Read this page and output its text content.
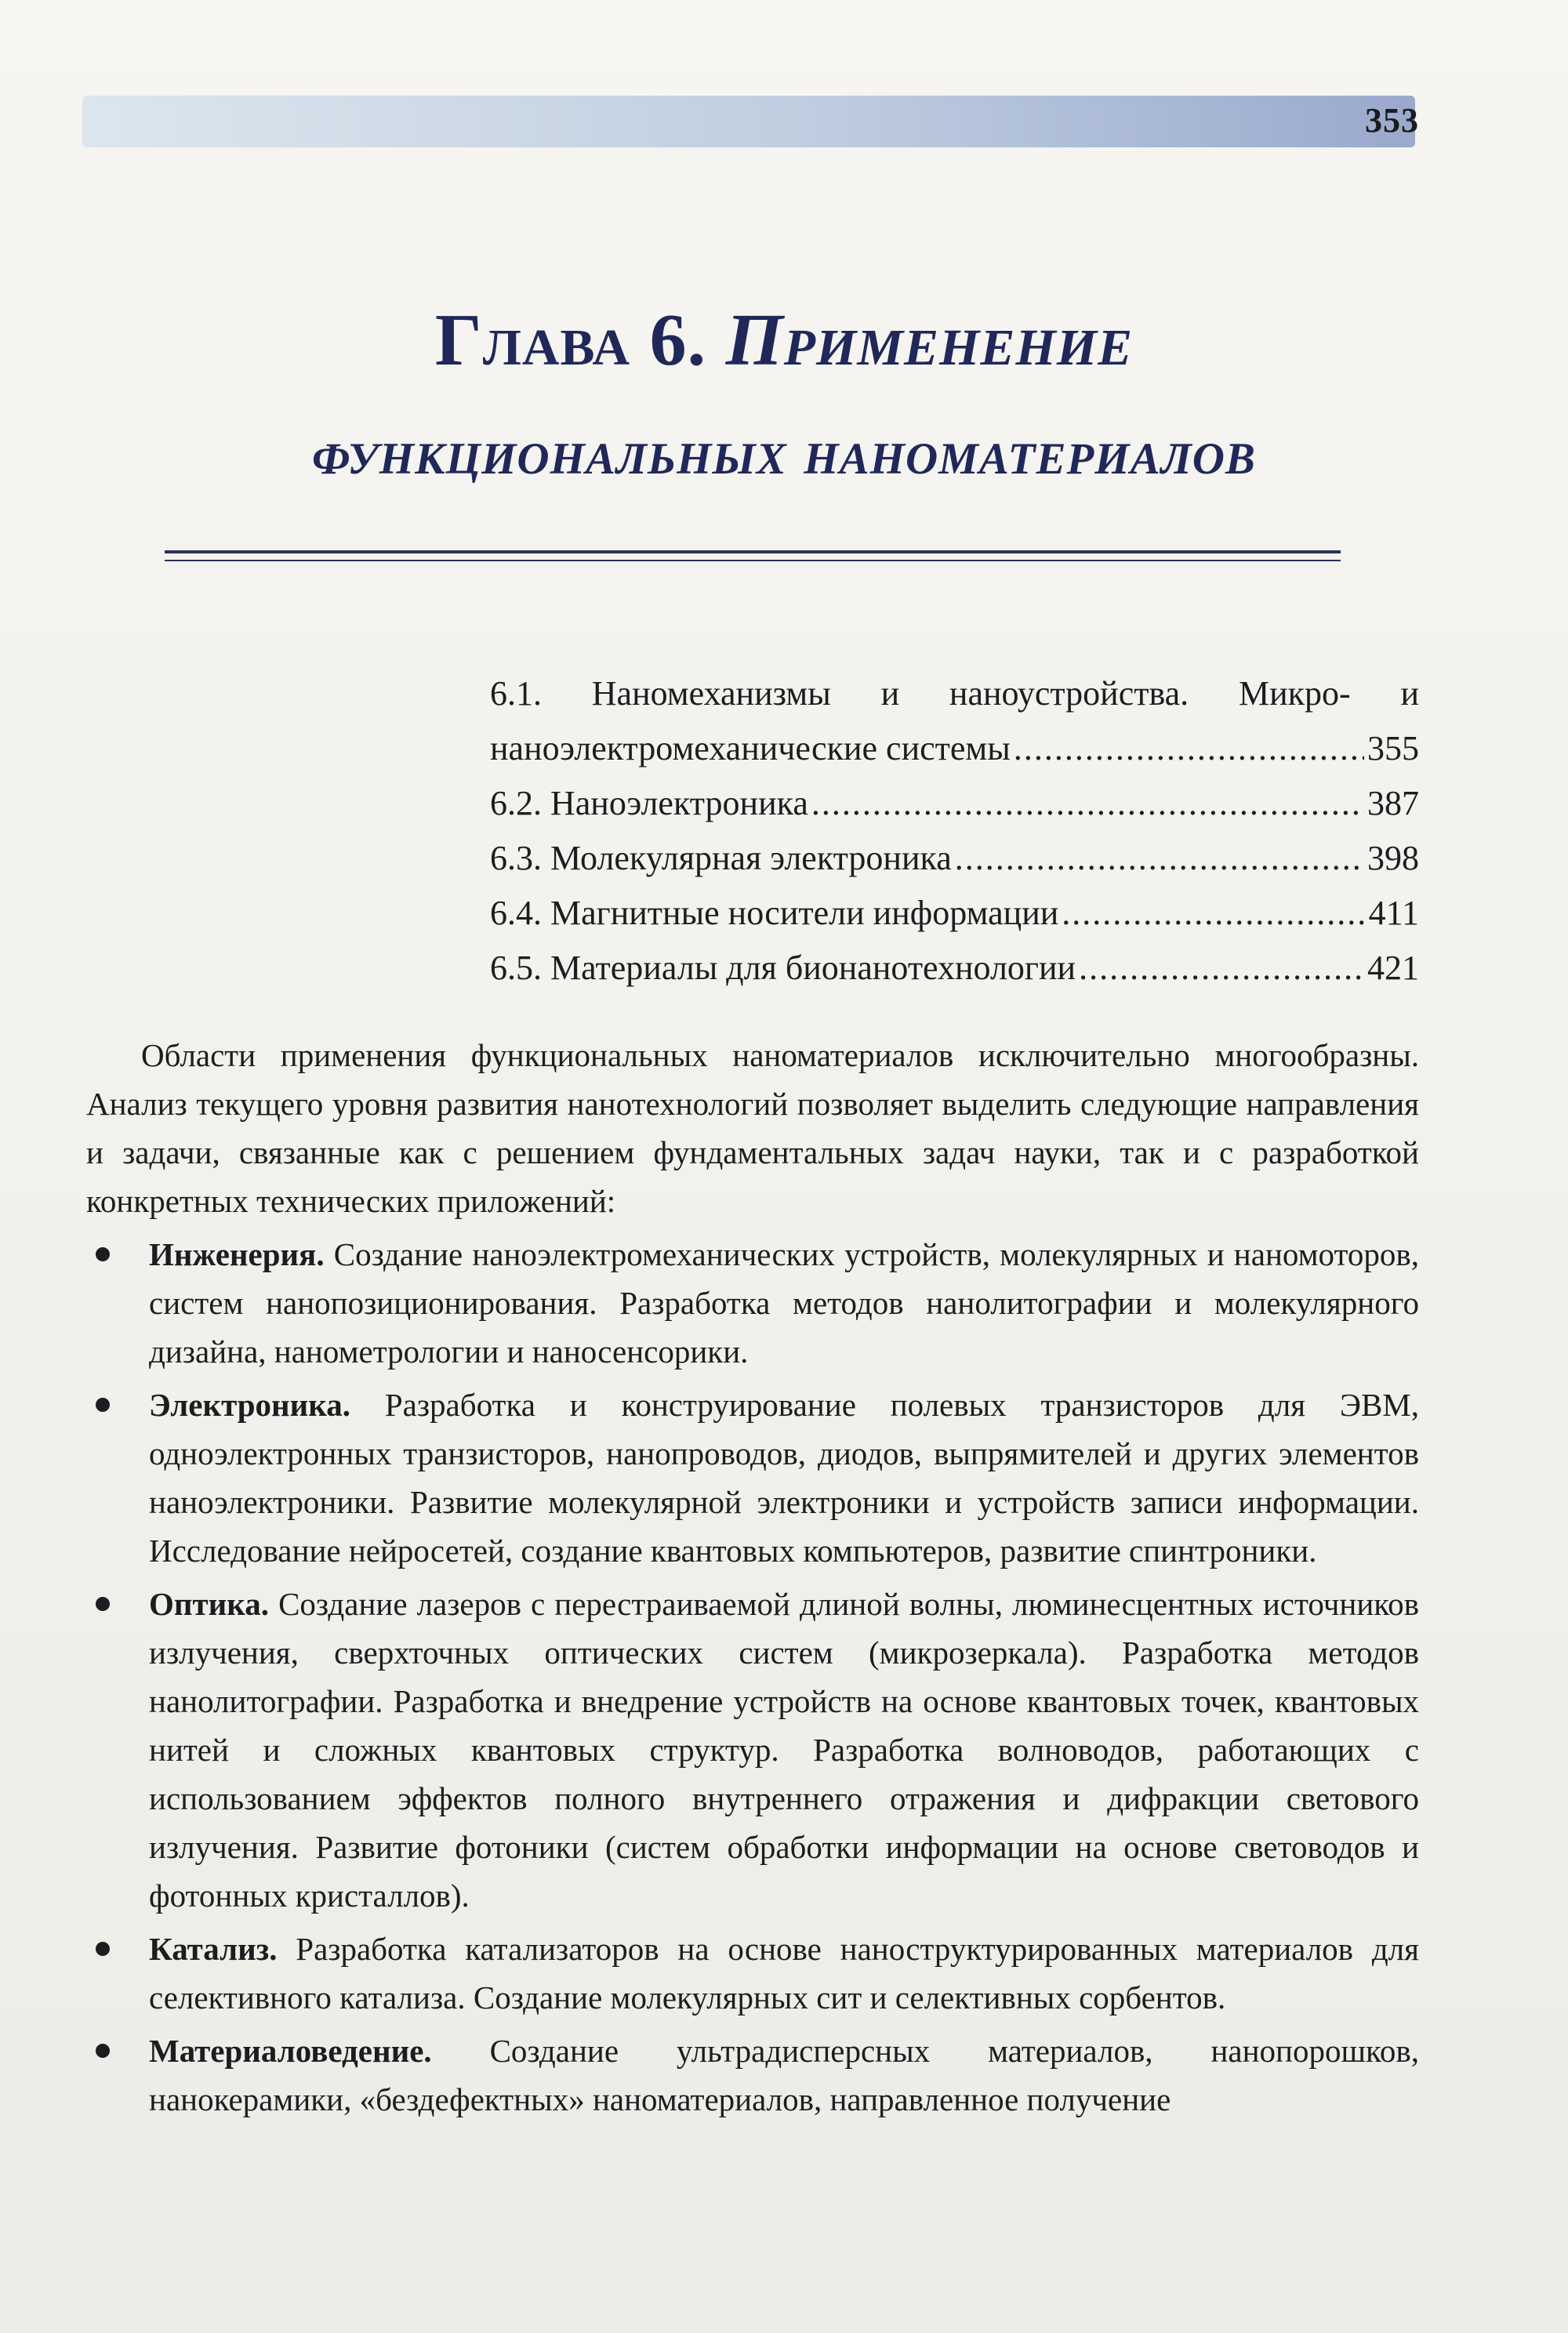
353
Глава 6. Применение
функциональных наноматериалов
6.1. Наномеханизмы и наноустройства. Микро- и
наноэлектромеханические системы .....	355
6.2. Наноэлектроника .....	387
6.3. Молекулярная электроника .....	398
6.4. Магнитные носители информации .....	411
6.5. Материалы для бионанотехнологии .....	421

Области применения функциональных наноматериалов исключительно многообразны. Анализ текущего уровня развития нанотехнологий позволяет выделить следующие направления и задачи, связанные как с решением фундаментальных задач науки, так и с разработкой конкретных технических приложений:

Инженерия. Создание наноэлектромеханических устройств, молекулярных и наномоторов, систем нанопозиционирования. Разработка методов нанолитографии и молекулярного дизайна, нанометрологии и наносенсорики.
Электроника. Разработка и конструирование полевых транзисторов для ЭВМ, одноэлектронных транзисторов, нанопроводов, диодов, выпрямителей и других элементов наноэлектроники. Развитие молекулярной электроники и устройств записи информации. Исследование нейросетей, создание квантовых компьютеров, развитие спинтроники.
Оптика. Создание лазеров с перестраиваемой длиной волны, люминесцентных источников излучения, сверхточных оптических систем (микрозеркала). Разработка методов нанолитографии. Разработка и внедрение устройств на основе квантовых точек, квантовых нитей и сложных квантовых структур. Разработка волноводов, работающих с использованием эффектов полного внутреннего отражения и дифракции светового излучения. Развитие фотоники (систем обработки информации на основе световодов и фотонных кристаллов).
Катализ. Разработка катализаторов на основе наноструктурированных материалов для селективного катализа. Создание молекулярных сит и селективных сорбентов.
Материаловедение. Создание ультрадисперсных материалов, нанопорошков, нанокерамики, «бездефектных» наноматериалов, направленное получение
